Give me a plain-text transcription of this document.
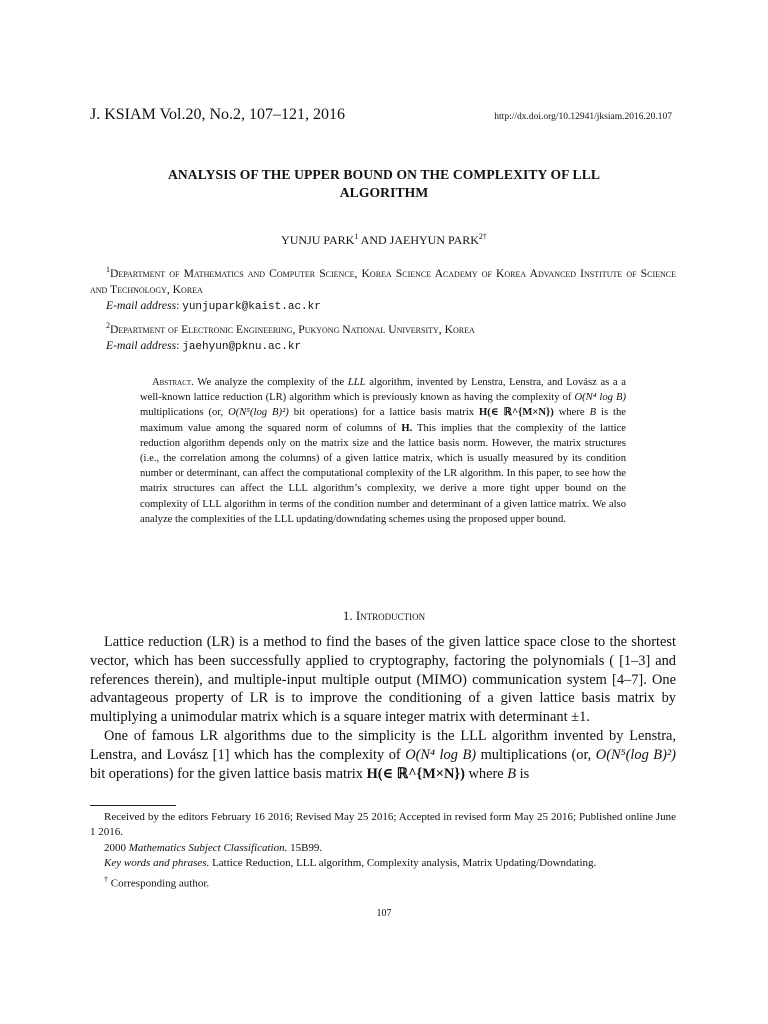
J. KSIAM Vol.20, No.2, 107–121, 2016	http://dx.doi.org/10.12941/jksiam.2016.20.107
ANALYSIS OF THE UPPER BOUND ON THE COMPLEXITY OF LLL
ALGORITHM
YUNJU PARK$^1$ AND JAEHYUN $PARK^{2\dagger}$

$^1$Department of Mathematics and Computer Science, Korea Science Academy of Korea Advanced Institute of Science and Technology, Korea

E-mail address: yunjupark@kaist.ac.kr

$^2$Department of Electronic Engineering, Pukyong National University, Korea

E-mail address: jaehyun@pknu.ac.kr

Abstract. We analyze the complexity of the LLL algorithm, invented by Lenstra, Lenstra, and Lovász as a a well-known lattice reduction (LR) algorithm which is previously known as having the complexity of O(N⁴ log B) multiplications (or, O(N⁵(log B)²) bit operations) for a lattice basis matrix H(∈ ℝ^{M×N}) where B is the maximum value among the squared norm of columns of H. This implies that the complexity of the lattice reduction algorithm depends only on the matrix size and the lattice basis norm. However, the matrix structures (i.e., the correlation among the columns) of a given lattice matrix, which is usually measured by its condition number or determinant, can affect the computational complexity of the LR algorithm. In this paper, to see how the matrix structures can affect the LLL algorithm’s complexity, we derive a more tight upper bound on the complexity of LLL algorithm in terms of the condition number and determinant of a given lattice matrix. We also analyze the complexities of the LLL updating/downdating schemes using the proposed upper bound.

1. Introduction

Lattice reduction (LR) is a method to find the bases of the given lattice space close to the shortest vector, which has been successfully applied to cryptography, factoring the polynomials ( [1–3] and references therein), and multiple-input multiple output (MIMO) communication system [4–7]. One advantageous property of LR is to improve the conditioning of a given lattice basis matrix by multiplying a unimodular matrix which is a square integer matrix with determinant ±1.

One of famous LR algorithms due to the simplicity is the LLL algorithm invented by Lenstra, Lenstra, and Lovász [1] which has the complexity of O(N⁴ log B) multiplications (or, O(N⁵(log B)²) bit operations) for the given lattice basis matrix H(∈ ℝ^{M×N}) where B is

Received by the editors February 16 2016; Revised May 25 2016; Accepted in revised form May 25 2016; Published online June 1 2016.

2000 Mathematics Subject Classification. 15B99.

Key words and phrases. Lattice Reduction, LLL algorithm, Complexity analysis, Matrix Updating/Downdating.

† Corresponding author.

107
